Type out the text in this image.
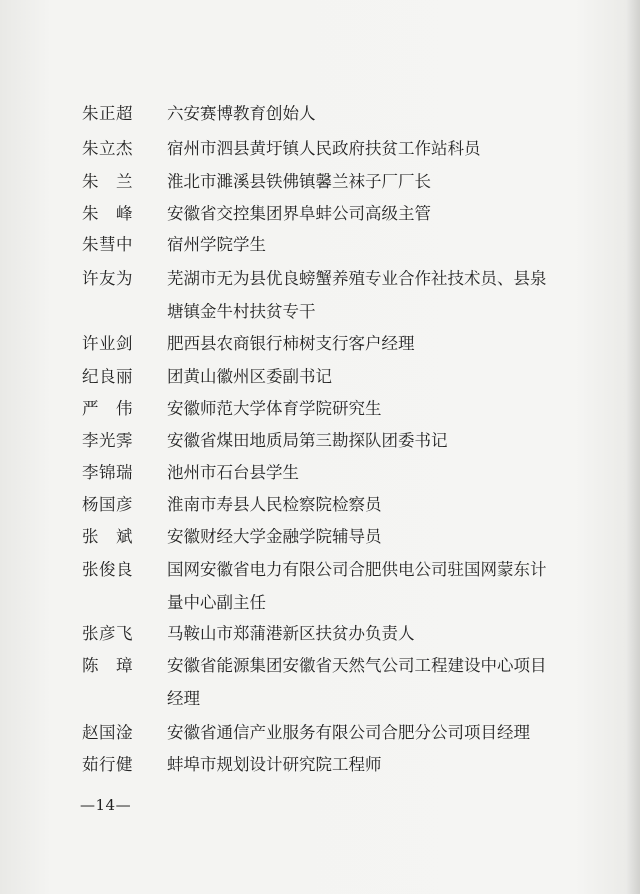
朱正超	六安赛博教育创始人
朱立杰	宿州市泗县黄圩镇人民政府扶贫工作站科员
朱　兰	淮北市濉溪县铁佛镇馨兰袜子厂厂长
朱　峰	安徽省交控集团界阜蚌公司高级主管
朱彗中	宿州学院学生
许友为	芜湖市无为县优良螃蟹养殖专业合作社技术员、县泉
塘镇金牛村扶贫专干
许业剑	肥西县农商银行柿树支行客户经理
纪良丽	团黄山徽州区委副书记
严　伟	安徽师范大学体育学院研究生
李光霁	安徽省煤田地质局第三勘探队团委书记
李锦瑞	池州市石台县学生
杨国彦	淮南市寿县人民检察院检察员
张　斌	安徽财经大学金融学院辅导员
张俊良	国网安徽省电力有限公司合肥供电公司驻国网蒙东计
量中心副主任
张彦飞	马鞍山市郑蒲港新区扶贫办负责人
陈　璋	安徽省能源集团安徽省天然气公司工程建设中心项目
经理
赵国淦	安徽省通信产业服务有限公司合肥分公司项目经理
茹行健	蚌埠市规划设计研究院工程师
—14—
